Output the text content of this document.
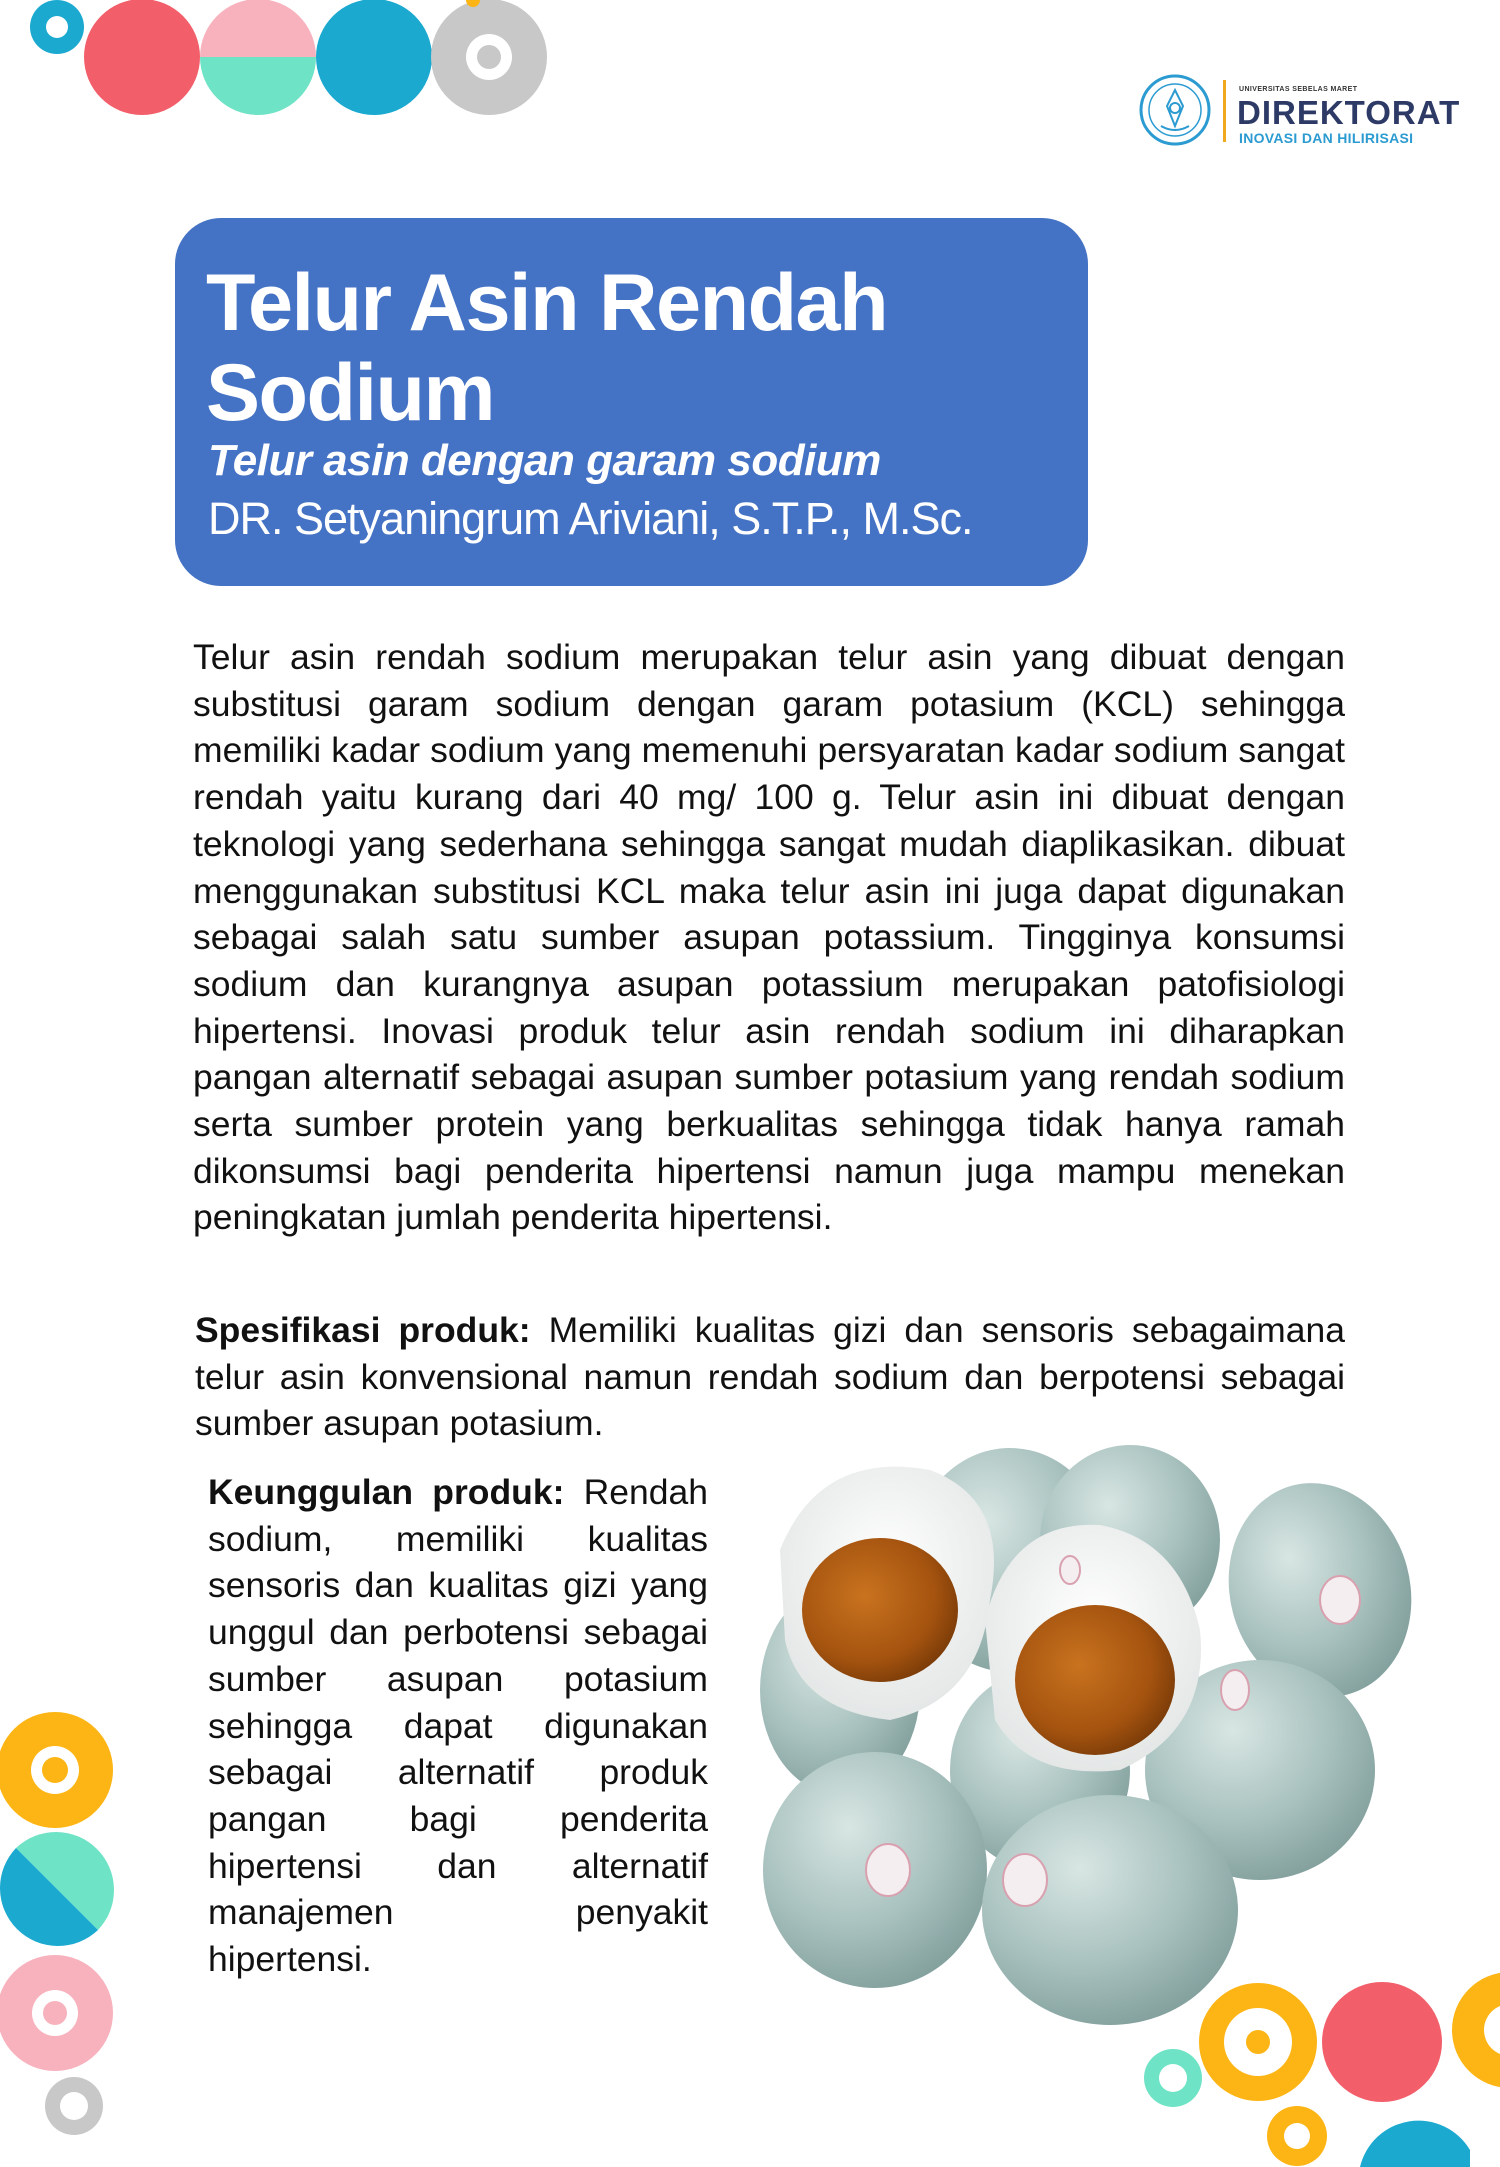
UNIVERSITAS SEBELAS MARET
DIREKTORAT
INOVASI DAN HILIRISASI
Telur Asin Rendah Sodium
Telur asin dengan garam sodium
DR. Setyaningrum Ariviani, S.T.P., M.Sc.

Telur asin rendah sodium merupakan telur asin yang dibuat dengan substitusi garam sodium dengan garam potasium (KCL) sehingga memiliki kadar sodium yang memenuhi persyaratan kadar sodium sangat rendah yaitu kurang dari 40 mg/ 100 g. Telur asin ini dibuat dengan teknologi yang sederhana sehingga sangat mudah diaplikasikan. dibuat menggunakan substitusi KCL maka telur asin ini juga dapat digunakan sebagai salah satu sumber asupan potassium. Tingginya konsumsi sodium dan kurangnya asupan potassium merupakan patofisiologi hipertensi. Inovasi produk telur asin rendah sodium ini diharapkan pangan alternatif sebagai asupan sumber potasium yang rendah sodium serta sumber protein yang berkualitas sehingga tidak hanya ramah dikonsumsi bagi penderita hipertensi namun juga mampu menekan peningkatan jumlah penderita hipertensi.

Spesifikasi produk: Memiliki kualitas gizi dan sensoris sebagaimana telur asin konvensional namun rendah sodium dan berpotensi sebagai sumber asupan potasium.

Keunggulan produk: Rendah sodium, memiliki kualitas sensoris dan kualitas gizi yang unggul dan perbotensi sebagai sumber asupan potasium sehingga dapat digunakan sebagai alternatif produk pangan bagi penderita hipertensi dan alternatif manajemen penyakit hipertensi.
